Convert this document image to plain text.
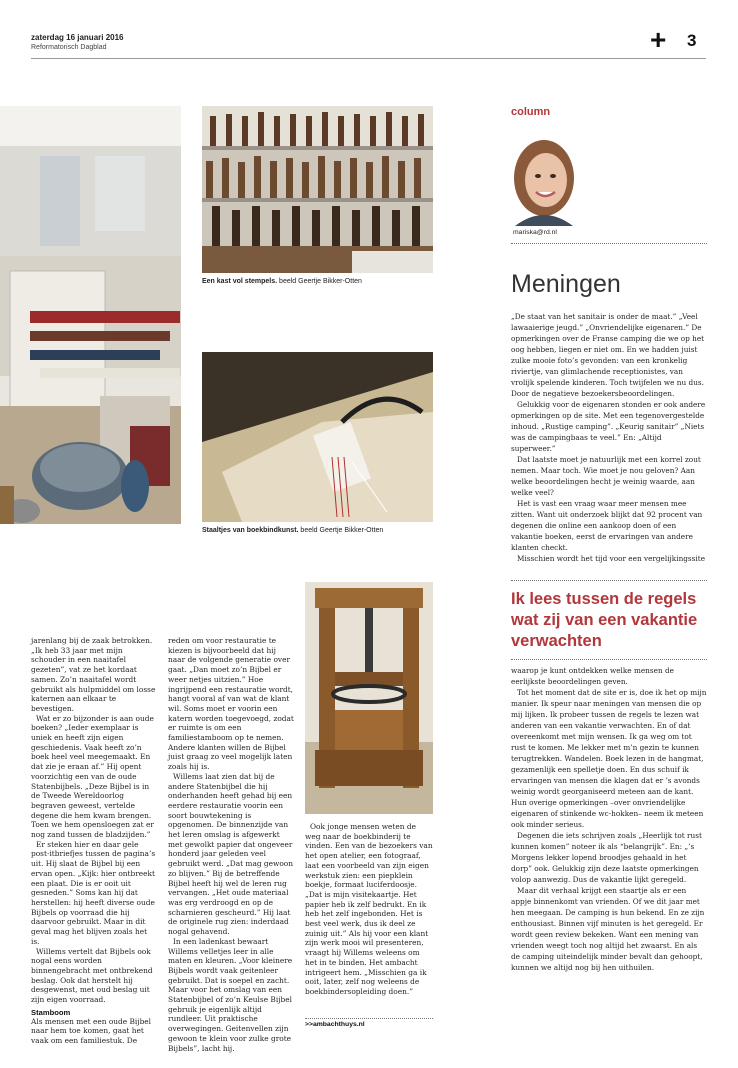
zaterdag 16 januari 2016
Reformatorisch Dagblad	+ 3
Een kast vol stempels. beeld Geertje Bikker-Otten
Staaltjes van boekbindkunst. beeld Geertje Bikker-Otten

jarenlang bij de zaak betrokken. „Ik heb 33 jaar met mijn schouder in een naaitafel gezeten”, vat ze het kordaat samen. Zo’n naaitafel wordt gebruikt als hulpmiddel om losse katernen aan elkaar te bevestigen.

Wat er zo bijzonder is aan oude boeken? „Ieder exemplaar is uniek en heeft zijn eigen geschiedenis. Vaak heeft zo’n boek heel veel meegemaakt. En dat zie je eraan af.” Hij opent voorzichtig een van de oude Statenbijbels. „Deze Bijbel is in de Tweede Wereldoorlog begraven geweest, vertelde degene die hem kwam brengen. Toen we hem opensloegen zat er nog zand tussen de bladzijden.”

Er steken hier en daar gele post-itbriefjes tussen de pagina’s uit. Hij slaat de Bijbel bij een ervan open. „Kijk: hier ontbreekt een plaat. Die is er ooit uit gesneden.” Soms kan hij dat herstellen: hij heeft diverse oude Bijbels op voorraad die hij daarvoor gebruikt. Maar in dit geval mag het blijven zoals het is.

Willems vertelt dat Bijbels ook nogal eens worden binnengebracht met ontbrekend beslag. Ook dat herstelt hij desgewenst, met oud beslag uit zijn eigen voorraad.

Stamboom

Als mensen met een oude Bijbel naar hem toe komen, gaat het vaak om een familiestuk. De

reden om voor restauratie te kiezen is bijvoorbeeld dat hij naar de volgende generatie over gaat. „Dan moet zo’n Bijbel er weer netjes uitzien.” Hoe ingrijpend een restauratie wordt, hangt vooral af van wat de klant wil. Soms moet er voorin een katern worden toegevoegd, zodat er ruimte is om een familiestamboom op te nemen. Andere klanten willen de Bijbel juist graag zo veel mogelijk laten zoals hij is.

Willems laat zien dat bij de andere Statenbijbel die hij onderhanden heeft gehad bij een eerdere restauratie voorin een soort bouwtekening is opgenomen. De binnenzijde van het leren omslag is afgewerkt met gewolkt papier dat ongeveer honderd jaar geleden veel gebruikt werd. „Dat mag gewoon zo blijven.” Bij de betreffende Bijbel heeft hij wel de leren rug vervangen. „Het oude materiaal was erg verdroogd en op de scharnieren gescheurd.” Hij laat de originele rug zien: inderdaad nogal gehavend.

In een ladenkast bewaart Willems velletjes leer in alle maten en kleuren. „Voor kleinere Bijbels wordt vaak geitenleer gebruikt. Dat is soepel en zacht. Maar voor het omslag van een Statenbijbel of zo’n Keulse Bijbel gebruik je eigenlijk altijd rundleer. Uit praktische overwegingen. Geitenvellen zijn gewoon te klein voor zulke grote Bijbels”, lacht hij.

Ook jonge mensen weten de weg naar de boekbinderij te vinden. Een van de bezoekers van het open atelier, een fotograaf, laat een voorbeeld van zijn eigen werkstuk zien: een piepklein boekje, formaat luciferdoosje. „Dat is mijn visitekaartje. Het papier heb ik zelf bedrukt. En ik heb het zelf ingebonden. Het is best veel werk, dus ik deel ze zuinig uit.” Als hij voor een klant zijn werk mooi wil presenteren, vraagt hij Willems weleens om het in te binden. Het ambacht intrigeert hem. „Misschien ga ik ooit, later, zelf nog weleens de boekbindersopleiding doen.”

>>ambachthuys.nl
column
mariska@rd.nl
Meningen

„De staat van het sanitair is onder de maat.” „Veel lawaaierige jeugd.” „Onvriendelijke eigenaren.” De opmerkingen over de Franse camping die we op het oog hebben, liegen er niet om. En we hadden juist zulke mooie foto’s gevonden: van een kronkelig riviertje, van glimlachende receptionistes, van vrolijk spelende kinderen. Toch twijfelen we nu dus. Door de negatieve bezoekersbeoordelingen.

Gelukkig voor de eigenaren stonden er ook andere opmerkingen op de site. Met een tegenovergestelde inhoud. „Rustige camping”. „Keurig sanitair” „Niets was de campingbaas te veel.” En: „Altijd superweer.”

Dat laatste moet je natuurlijk met een korrel zout nemen. Maar toch. Wie moet je nou geloven? Aan welke beoordelingen hecht je weinig waarde, aan welke veel?

Het is vast een vraag waar meer mensen mee zitten. Want uit onderzoek blijkt dat 92 procent van degenen die online een aankoop doen of een vakantie boeken, eerst de ervaringen van andere klanten checkt.

Misschien wordt het tijd voor een vergelijkingssite

Ik lees tussen de regels wat zij van een vakantie verwachten

waarop je kunt ontdekken welke mensen de eerlijkste beoordelingen geven.

Tot het moment dat de site er is, doe ik het op mijn manier. Ik speur naar meningen van mensen die op mij lijken. Ik probeer tussen de regels te lezen wat anderen van een vakantie verwachten. En of dat overeenkomt met mijn wensen. Ik ga weg om tot rust te komen. Me lekker met m’n gezin te kunnen terugtrekken. Wandelen. Boek lezen in de hangmat, gezamenlijk een spelletje doen. En dus schuif ik ervaringen van mensen die klagen dat er ’s avonds weinig wordt georganiseerd meteen aan de kant. Hun overige opmerkingen –over onvriendelijke eigenaren of stinkende wc-hokken– neem ik meteen ook minder serieus.

Degenen die iets schrijven zoals „Heerlijk tot rust kunnen komen” noteer ik als “belangrijk”. En: „’s Morgens lekker lopend broodjes gehaald in het dorp” ook. Gelukkig zijn deze laatste opmerkingen volop aanwezig. Dus de vakantie lijkt geregeld.

Maar dit verhaal krijgt een staartje als er een appje binnenkomt van vrienden. Of we dit jaar met hen meegaan. De camping is hun bekend. En ze zijn enthousiast. Binnen vijf minuten is het geregeld. Er wordt geen review bekeken. Want een mening van vrienden weegt toch nog altijd het zwaarst. En als de camping uiteindelijk minder bevalt dan gehoopt, kunnen we altijd nog bij hen uithuilen.
